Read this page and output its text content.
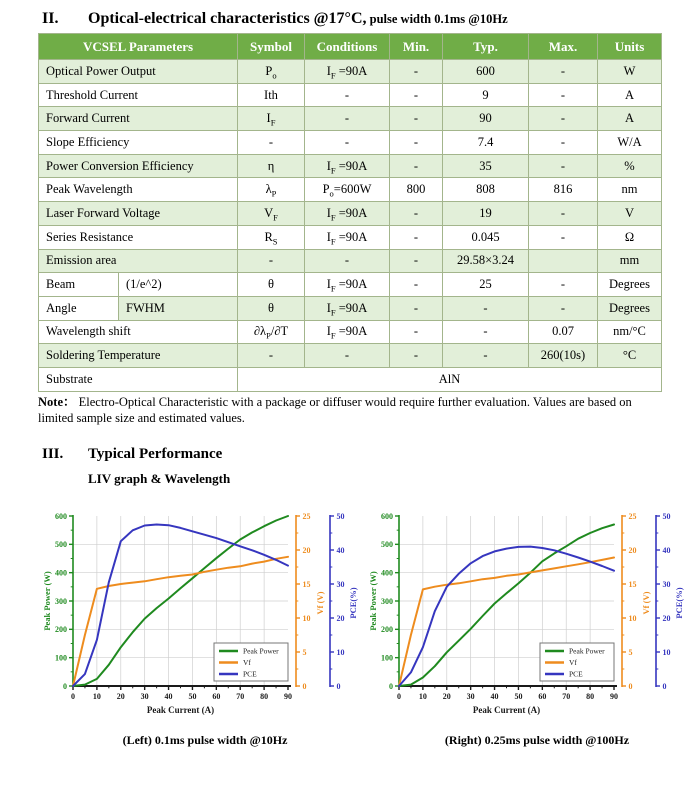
II. Optical-electrical characteristics @17°C, pulse width 0.1ms @10Hz
VCSEL Parameters		Symbol	Conditions	Min.	Typ.	Max.	Units
Optical Power Output		$P_o$	$I_F =90A$	-	600	-	W
Threshold Current		Ith	-	-	9	-	A
Forward Current		$I_F$	-	-	90	-	A
Slope Efficiency		-	-	-	7.4	-	W/A
Power Conversion Efficiency		η	$I_F =90A$	-	35	-	%
Peak Wavelength		$\lambda_P$	$P_o=600W$	800	808	816	nm
Laser Forward Voltage		$V_F$	$I_F =90A$	-	19	-	V
Series Resistance		$R_S$	$I_F =90A$	-	0.045	-	Ω
Emission area		-	-	-	29.58×3.24		mm
Beam	(1/e^2)	θ	$I_F =90A$	-	25	-	Degrees
Angle	FWHM	θ	$I_F =90A$	-	-	-	Degrees
Wavelength shift		$\partial\lambda_P/\partial T$	$I_F =90A$	-	-	0.07	nm/°C
Soldering Temperature		-	-	-	-	260(10s)	°C
Substrate		AlN					
Note： Electro-Optical Characteristic with a package or diffuser would require further evaluation. Values are based on limited sample size and estimated values.
III. Typical Performance
LIV graph & Wavelength
0
100
200
300
400
500
600
Peak Power (W)
0 10 20 30 40 50 60 70 80 90
Peak Current (A)
0
5
10
15
20
25
Vf (V)
0
10
20
30
40
50
PCE(%)
Peak Power
Vf
PCE
0
100
200
300
400
500
600
Peak Power (W)
0 10 20 30 40 50 60 70 80 90
Peak Current (A)
0
5
10
15
20
25
Vf (V)
0
10
20
30
40
50
PCE(%)
Peak Power
Vf
PCE
(Left) 0.1ms pulse width @10Hz	(Right) 0.25ms pulse width @100Hz
